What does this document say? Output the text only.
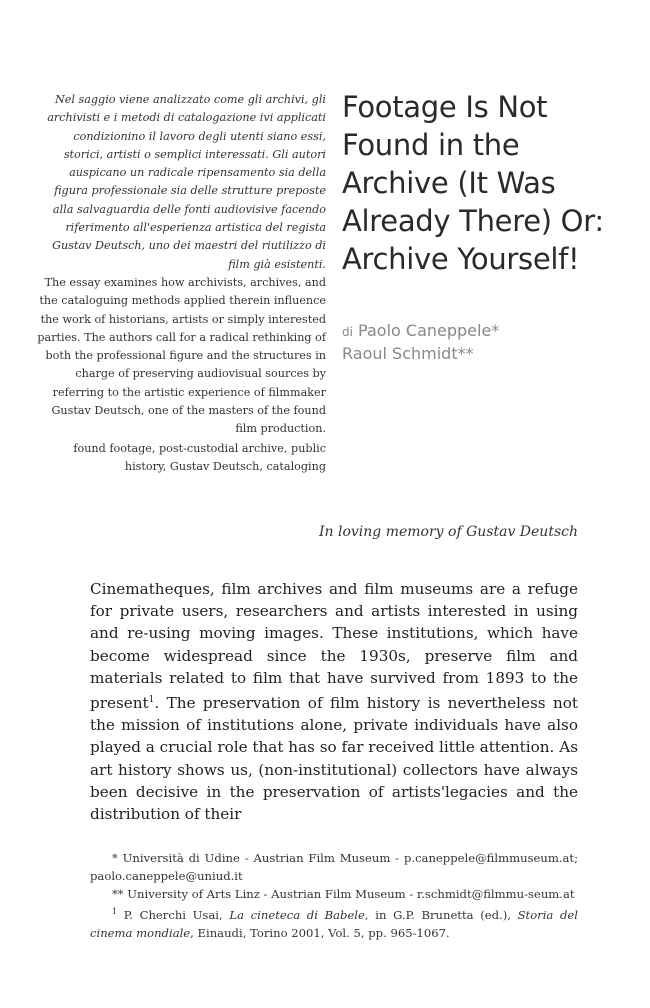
Nel saggio viene analizzato come gli archivi, gli archivisti e i metodi di catalogazione ivi applicati condizionino il lavoro degli utenti siano essi, storici, artisti o semplici interessati. Gli autori auspicano un radicale ripensamento sia della figura professionale sia delle strutture preposte alla salvaguardia delle fonti audiovisive facendo riferimento all'esperienza artistica del regista Gustav Deutsch, uno dei maestri del riutilizzo di film già esistenti.
The essay examines how archivists, archives, and the cataloguing methods applied therein influence the work of historians, artists or simply interested parties. The authors call for a radical rethinking of both the professional figure and the structures in charge of preserving audiovisual sources by referring to the artistic experience of filmmaker Gustav Deutsch, one of the masters of the found film production.
found footage, post-custodial archive, public history, Gustav Deutsch, cataloging
Footage Is Not Found in the Archive (It Was Already There) Or: Archive Yourself!
di Paolo Caneppele*
Raoul Schmidt**
In loving memory of Gustav Deutsch
Cinematheques, film archives and film museums are a refuge for private users, researchers and artists interested in using and re-using moving images. These institutions, which have become widespread since the 1930s, preserve film and materials related to film that have survived from 1893 to the present$^1$. The preservation of film history is nevertheless not the mission of institutions alone, private individuals have also played a crucial role that has so far received little attention. As art history shows us, (non-institutional) collectors have always been decisive in the preservation of artists'legacies and the distribution of their

* Università di Udine - Austrian Film Museum - p.caneppele@filmmuseum.at; paolo.caneppele@uniud.it

** University of Arts Linz - Austrian Film Museum - r.schmidt@filmmu-seum.at

$^1$ P. Cherchi Usai, La cineteca di Babele, in G.P. Brunetta (ed.), Storia del cinema mondiale, Einaudi, Torino 2001, Vol. 5, pp. 965-1067.
